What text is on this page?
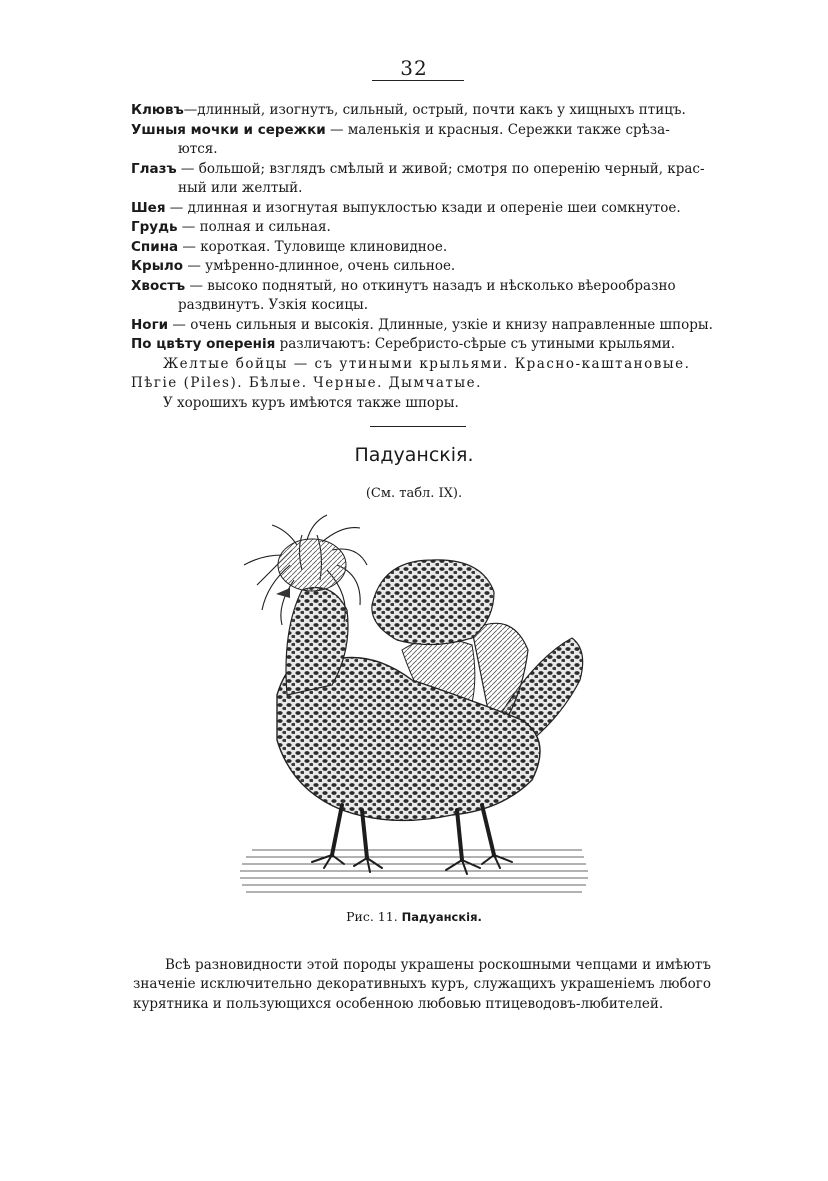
32

Клювъ—длинный, изогнутъ, сильный, острый, почти какъ у хищныхъ птицъ.

Ушныя мочки и сережки — маленькія и красныя. Сережки также срѣза-

ются.

Глазъ — большой; взглядъ смѣлый и живой; смотря по оперенію черный, крас-

ный или желтый.

Шея — длинная и изогнутая выпуклостью кзади и опереніе шеи сомкнутое.

Грудь — полная и сильная.

Спина — короткая. Туловище клиновидное.

Крыло — умѣренно-длинное, очень сильное.

Хвостъ — высоко поднятый, но откинутъ назадъ и нѣсколько вѣерообразно

раздвинутъ. Узкія косицы.

Ноги — очень сильныя и высокія. Длинные, узкіе и книзу направленные шпоры.

По цвѣту оперенія различаютъ: Серебристо-сѣрые съ утиными крыльями.

Желтые бойцы — съ утиными крыльями. Красно-каштановые. Пѣгіе (Piles). Бѣлые. Черные. Дымчатые.

У хорошихъ куръ имѣются также шпоры.

Падуанскія.
(См. табл. IX).
Рис. 11. Падуанскія.

Всѣ разновидности этой породы украшены роскошными чепцами и имѣютъ значеніе исключительно декоративныхъ куръ, служащихъ украшеніемъ любого курятника и пользующихся особенною любовью птицеводовъ-любителей.
